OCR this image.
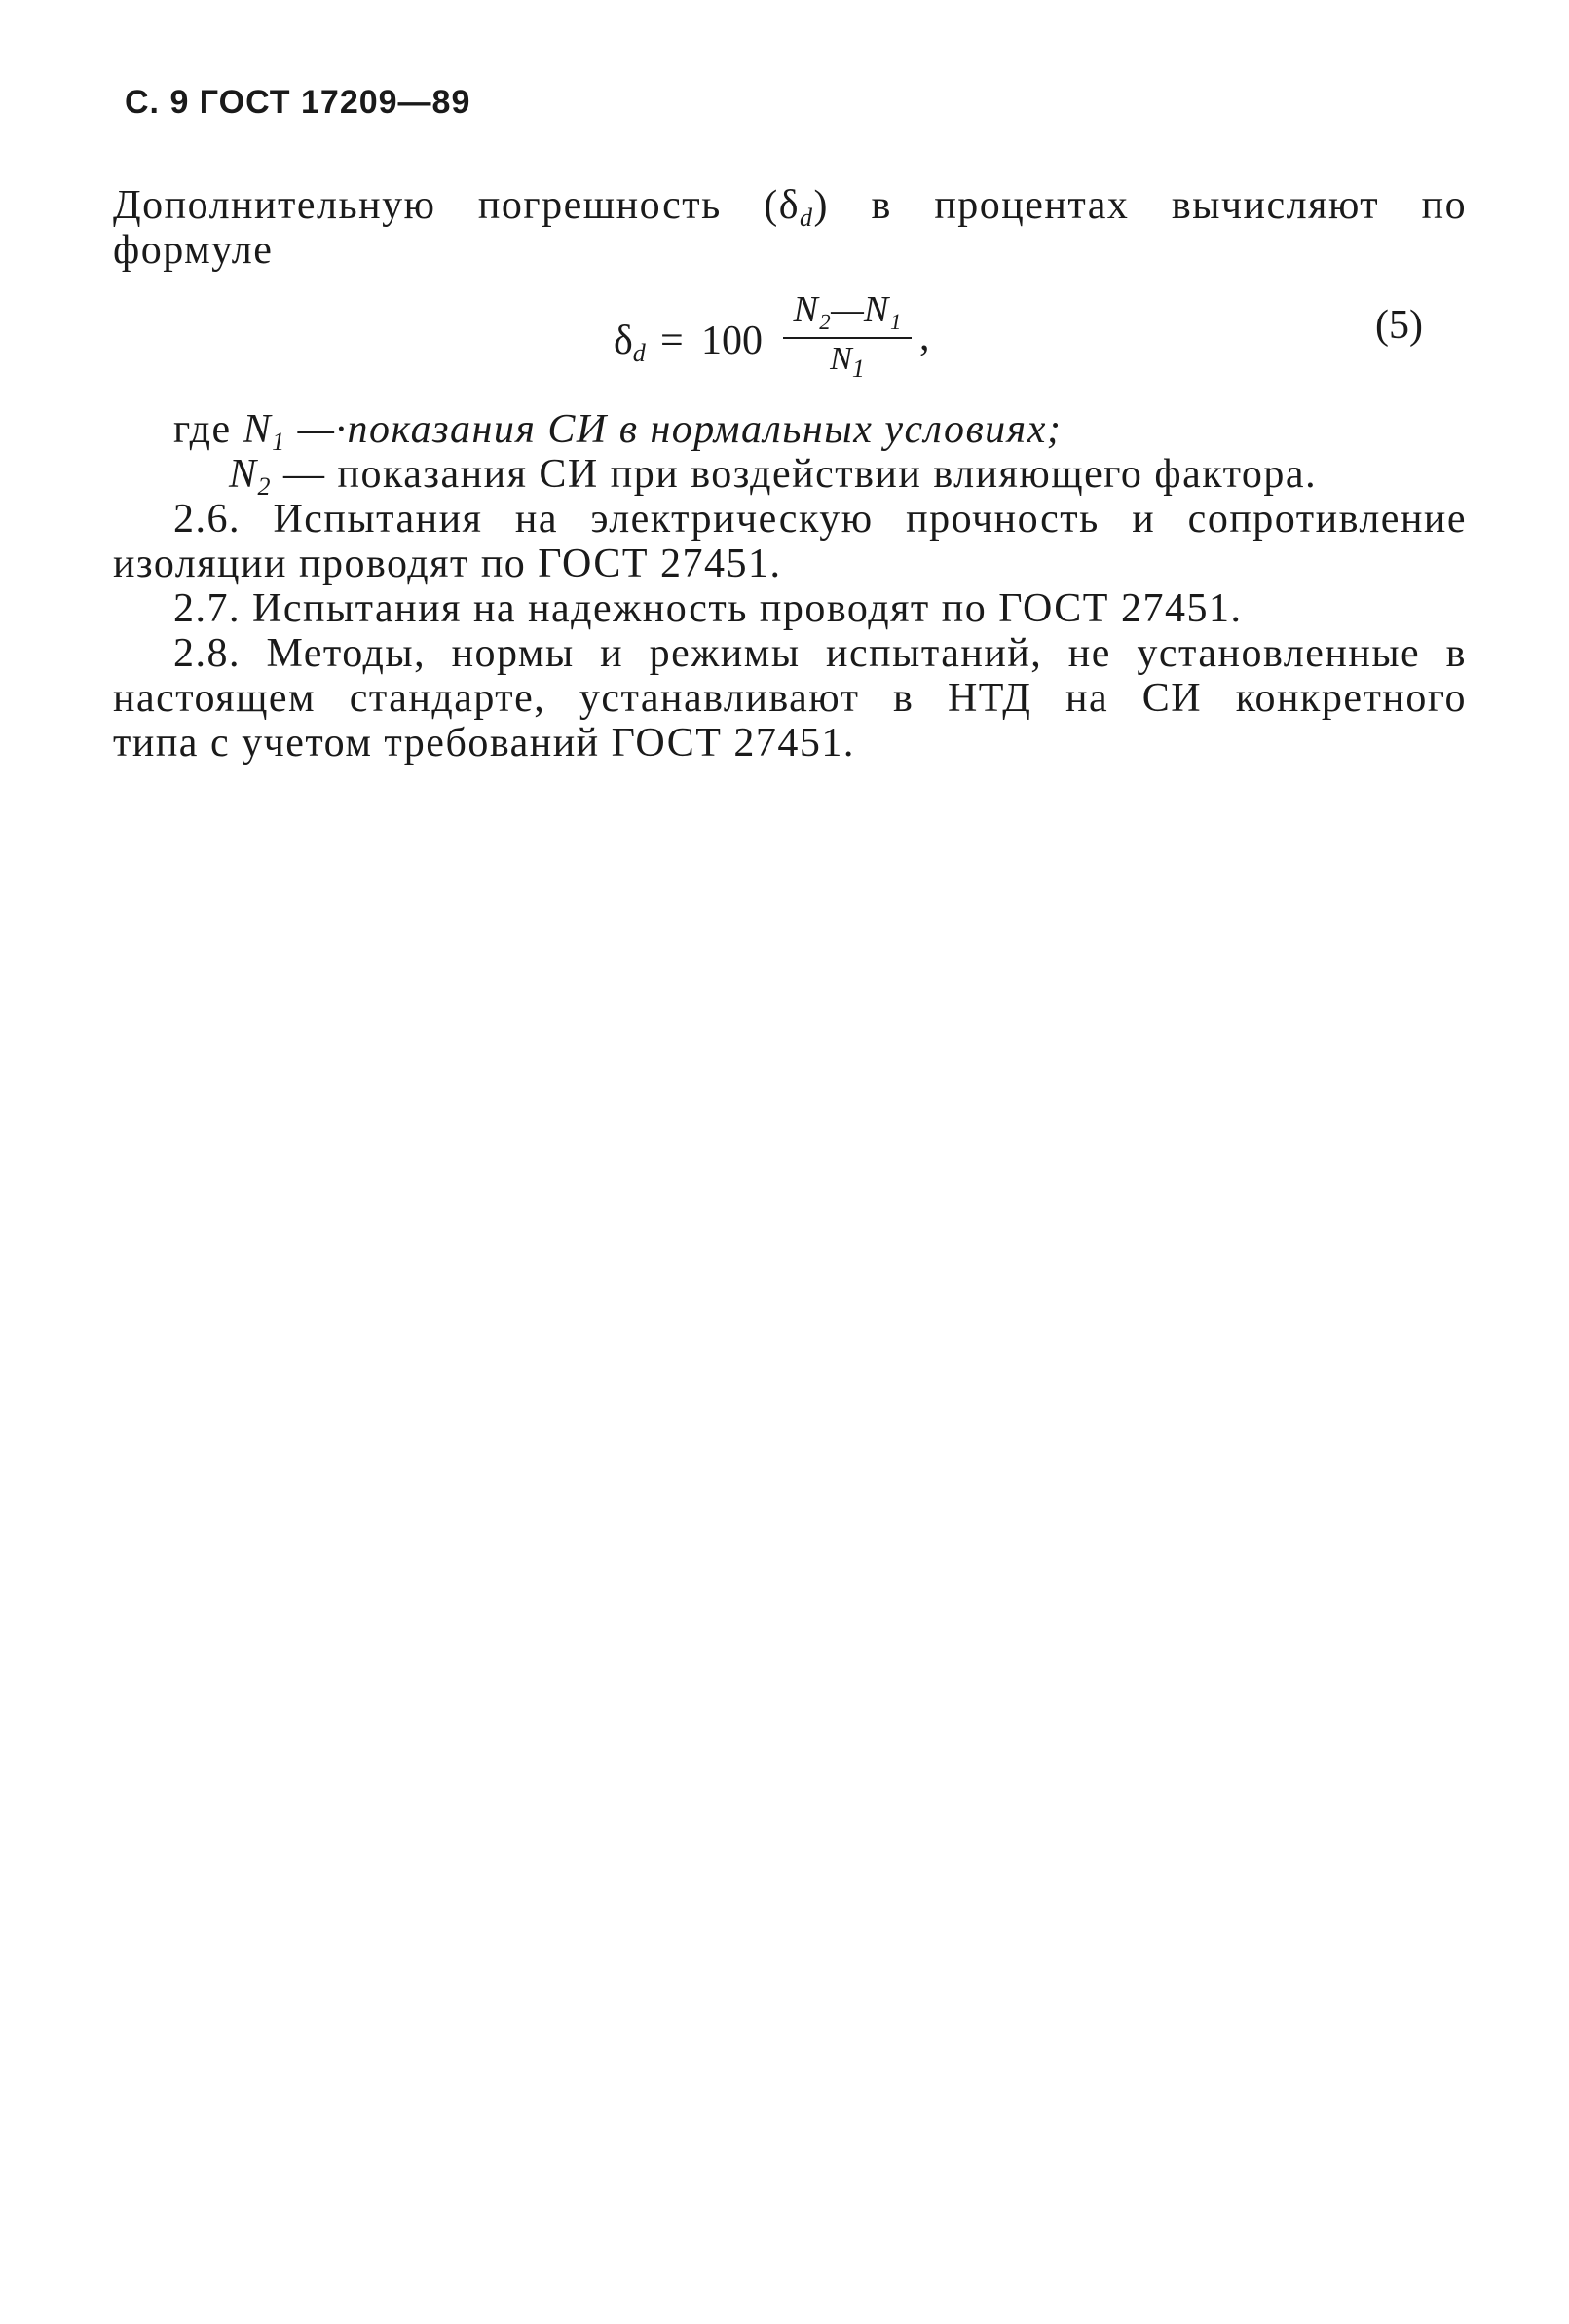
С. 9 ГОСТ 17209—89
Дополнительную погрешность $(\delta_d)$ в процентах вычисляют по
формуле
$\delta_d = 100$
N₂—N₁
$N_1$
,	(5)
где $N_1$ —·показания СИ в нормальных условиях;
$N_2$ — показания СИ при воздействии влияющего фактора.
2.6. Испытания на электрическую прочность и сопротивление
изоляции проводят по ГОСТ 27451.
2.7. Испытания на надежность проводят по ГОСТ 27451.
2.8. Методы, нормы и режимы испытаний, не установленные в
настоящем стандарте, устанавливают в НТД на СИ конкретного
типа с учетом требований ГОСТ 27451.
